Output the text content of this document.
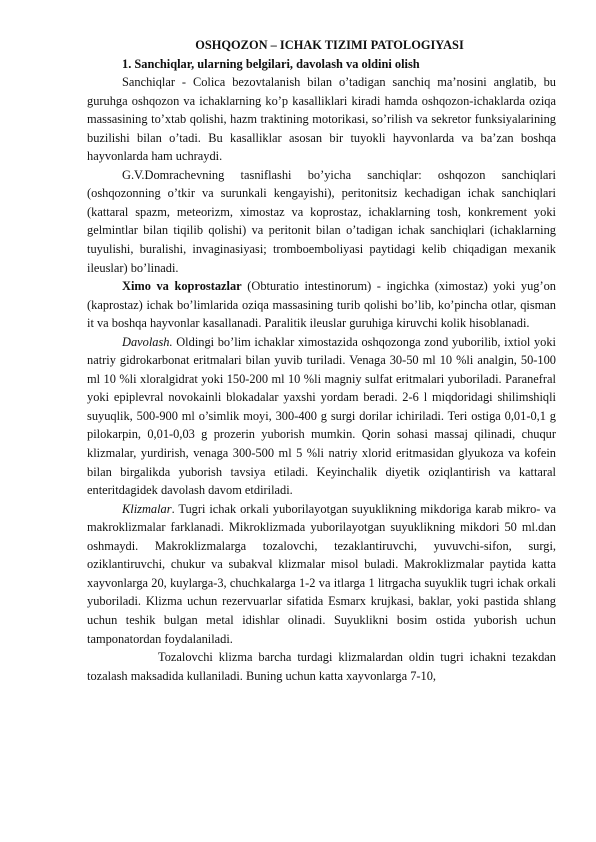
OSHQOZON – ICHAK TIZIMI PATOLOGIYASI

1. Sanchiqlar, ularning belgilari, davolash va oldini olish

Sanchiqlar - Colica bezovtalanish bilan o’tadigan sanchiq ma’nosini anglatib, bu guruhga oshqozon va ichaklarning ko’p kasalliklari kiradi hamda oshqozon-ichaklarda oziqa massasining to’xtab qolishi, hazm traktining motorikasi, so’rilish va sekretor funksiyalarining buzilishi bilan o’tadi. Bu kasalliklar asosan bir tuyokli hayvonlarda va ba’zan boshqa hayvonlarda ham uchraydi.

G.V.Domrachevning tasniflashi bo’yicha sanchiqlar: oshqozon sanchiqlari (oshqozonning o’tkir va surunkali kengayishi), peritonitsiz kechadigan ichak sanchiqlari (kattaral spazm, meteorizm, ximostaz va koprostaz, ichaklarning tosh, konkrement yoki gelmintlar bilan tiqilib qolishi) va peritonit bilan o’tadigan ichak sanchiqlari (ichaklarning tuyulishi, buralishi, invaginasiyasi; tromboemboliyasi paytidagi kelib chiqadigan mexanik ileuslar) bo’linadi.

Ximo va koprostazlar (Obturatio intestinorum) - ingichka (ximostaz) yoki yug’on (kaprostaz) ichak bo’limlarida oziqa massasining turib qolishi bo’lib, ko’pincha otlar, qisman it va boshqa hayvonlar kasallanadi. Paralitik ileuslar guruhiga kiruvchi kolik hisoblanadi.

Davolash. Oldingi bo’lim ichaklar ximostazida oshqozonga zond yuborilib, ixtiol yoki natriy gidrokarbonat eritmalari bilan yuvib turiladi. Venaga 30-50 ml 10 %li analgin, 50-100 ml 10 %li xloralgidrat yoki 150-200 ml 10 %li magniy sulfat eritmalari yuboriladi. Paranefral yoki epiplevral novokainli blokadalar yaxshi yordam beradi. 2-6 l miqdoridagi shilimshiqli suyuqlik, 500-900 ml o’simlik moyi, 300-400 g surgi dorilar ichiriladi. Teri ostiga 0,01-0,1 g pilokarpin, 0,01-0,03 g prozerin yuborish mumkin. Qorin sohasi massaj qilinadi, chuqur klizmalar, yurdirish, venaga 300-500 ml 5 %li natriy xlorid eritmasidan glyukoza va kofein bilan birgalikda yuborish tavsiya etiladi. Keyinchalik diyetik oziqlantirish va kattaral enteritdagidek davolash davom etdiriladi.

Klizmalar. Tugri ichak orkali yuborilayotgan suyuklikning mikdoriga karab mikro- va makroklizmalar farklanadi. Mikroklizmada yuborilayotgan suyuklikning mikdori 50 ml.dan oshmaydi. Makroklizmalarga tozalovchi, tezaklantiruvchi, yuvuvchi-sifon, surgi, oziklantiruvchi, chukur va subakval klizmalar misol buladi. Makroklizmalar paytida katta xayvonlarga 20, kuylarga-3, chuchkalarga 1-2 va itlarga 1 litrgacha suyuklik tugri ichak orkali yuboriladi. Klizma uchun rezervuarlar sifatida Esmarx krujkasi, baklar, yoki pastida shlang uchun teshik bulgan metal idishlar olinadi. Suyuklikni bosim ostida yuborish uchun tamponatordan foydalaniladi.

Tozalovchi klizma barcha turdagi klizmalardan oldin tugri ichakni tezakdan tozalash maksadida kullaniladi. Buning uchun katta xayvonlarga 7-10,
